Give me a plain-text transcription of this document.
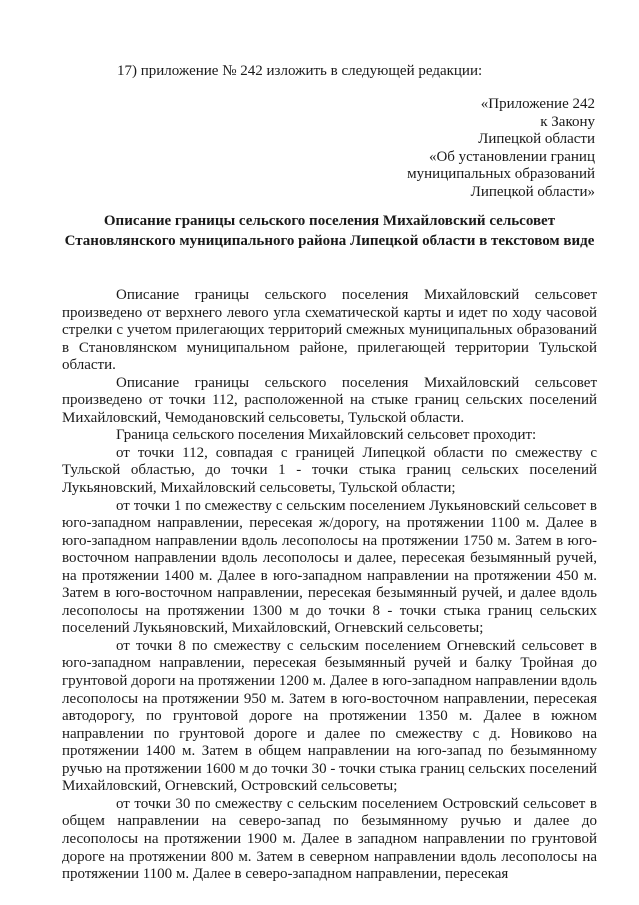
17) приложение № 242 изложить в следующей редакции:
«Приложение 242
к Закону
Липецкой области
«Об установлении границ
муниципальных образований
Липецкой области»
Описание границы сельского поселения Михайловский сельсовет Становлянского муниципального района Липецкой области в текстовом виде

Описание границы сельского поселения Михайловский сельсовет произведено от верхнего левого угла схематической карты и идет по ходу часовой стрелки с учетом прилегающих территорий смежных муниципальных образований в Становлянском муниципальном районе, прилегающей территории Тульской области.

Описание границы сельского поселения Михайловский сельсовет произведено от точки 112, расположенной на стыке границ сельских поселений Михайловский, Чемодановский сельсоветы, Тульской области.

Граница сельского поселения Михайловский сельсовет проходит:

от точки 112, совпадая с границей Липецкой области по смежеству с Тульской областью, до точки 1 - точки стыка границ сельских поселений Лукьяновский, Михайловский сельсоветы, Тульской области;

от точки 1 по смежеству с сельским поселением Лукьяновский сельсовет в юго-западном направлении, пересекая ж/дорогу, на протяжении 1100 м. Далее в юго-западном направлении вдоль лесополосы на протяжении 1750 м. Затем в юго-восточном направлении вдоль лесополосы и далее, пересекая безымянный ручей, на протяжении 1400 м. Далее в юго-западном направлении на протяжении 450 м. Затем в юго-восточном направлении, пересекая безымянный ручей, и далее вдоль лесополосы на протяжении 1300 м до точки 8 - точки стыка границ сельских поселений Лукьяновский, Михайловский, Огневский сельсоветы;

от точки 8 по смежеству с сельским поселением Огневский сельсовет в юго-западном направлении, пересекая безымянный ручей и балку Тройная до грунтовой дороги на протяжении 1200 м. Далее в юго-западном направлении вдоль лесополосы на протяжении 950 м. Затем в юго-восточном направлении, пересекая автодорогу, по грунтовой дороге на протяжении 1350 м. Далее в южном направлении по грунтовой дороге и далее по смежеству с д. Новиково на протяжении 1400 м. Затем в общем направлении на юго-запад по безымянному ручью на протяжении 1600 м до точки 30 - точки стыка границ сельских поселений Михайловский, Огневский, Островский сельсоветы;

от точки 30 по смежеству с сельским поселением Островский сельсовет в общем направлении на северо-запад по безымянному ручью и далее до лесополосы на протяжении 1900 м. Далее в западном направлении по грунтовой дороге на протяжении 800 м. Затем в северном направлении вдоль лесополосы на протяжении 1100 м. Далее в северо-западном направлении, пересекая
